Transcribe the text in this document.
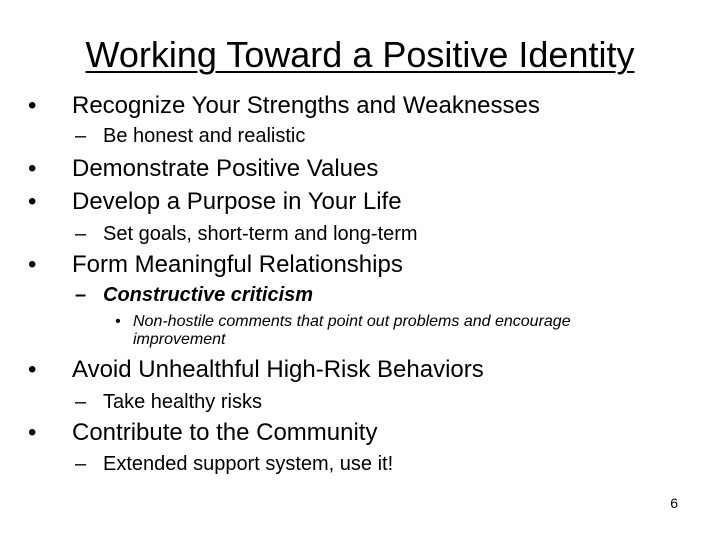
Working Toward a Positive Identity
• Recognize Your Strengths and Weaknesses
– Be honest and realistic
• Demonstrate Positive Values
• Develop a Purpose in Your Life
– Set goals, short-term and long-term
• Form Meaningful Relationships
– Constructive criticism
• Non-hostile comments that point out problems and encourage improvement
• Avoid Unhealthful High-Risk Behaviors
– Take healthy risks
• Contribute to the Community
– Extended support system, use it!
6
